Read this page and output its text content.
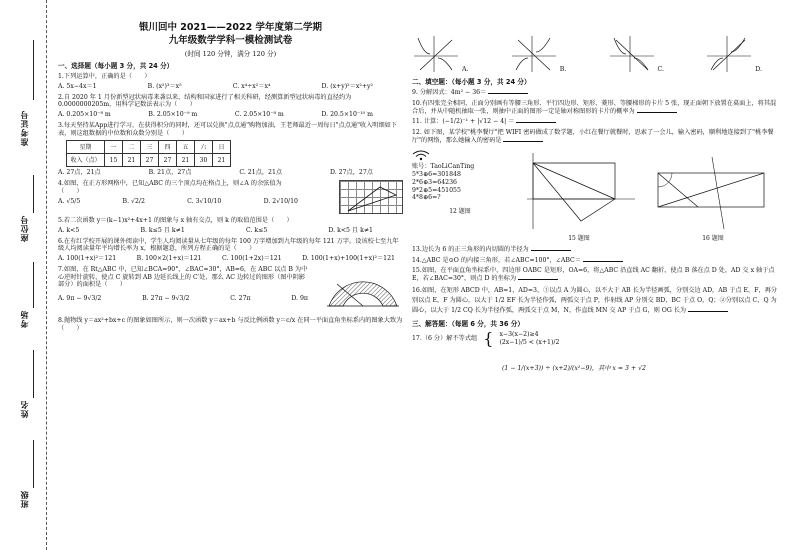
准考证号
座位号
考场
姓名
班级
银川回中 2021——2022 学年度第二学期
九年级数学学科一模检测试卷
(时间 120 分钟，满分 120 分)
一、选择题（每小题 3 分，共 24 分）
1.下列运算中，正确的是（　　）
A. 5x−4x＝1	B. (x²)³＝x⁵	C. x⁴÷x²＝x⁴	D. (x+y)²＝x²+y²
2.自 2020 年 1 月份新型冠状病毒来袭以来，结构和国家进行了相关科研，经测算新型冠状病毒的直径约为 0.0000000205m，用科学记数法表示为（　　）
A. 0.205×10⁻⁸ m	B. 2.05×10⁻⁹ m	C. 2.05×10⁻⁸ m	D. 20.5×10⁻¹⁰ m
3.每天坚持某App进行学习，在获得积分的同时，还可以兑换"点点通"购物加油，王老师最近一周每日"点点通"收入明细如下表，则这组数据的中位数和众数分别是（　　）
星期	一	二	三	四	五	六	日
收入（点）	15	21	27	27	21	30	21
A. 27点，21点	B. 21点，27点	C. 21点，21点	D. 27点，27点
4.如图，在正方形网格中，已知△ABC 的三个顶点均在格点上，则∠A 的余弦值为（　　）
A. √5/5	B. √2/2	C. 3√10/10	D. 2√10/10
5.若二次函数 y＝(k−1)x²+4x+1 的图象与 x 轴有交点，则 k 的取值范围是（　　）
A. k<5	B. k≤5 且 k≠1	C. k≤5	D. k<5 且 k≠1
6.在有红学校开展的课外阅读中，学生人均阅读量从七年级的每年 100 万字增加到九年级的每年 121 万字。设该校七至九年级人均阅读量年平均增长率为 x，根据题意，所列方程正确的是（　　）
A. 100(1+x)²＝121	B. 100×2(1+x)＝121	C. 100(1+2x)＝121	D. 100(1+x)+100(1+x)²＝121
7.如图，在 Rt△ABC 中，已知∠BCA=90°，∠BAC=30°，AB=6，在 ABC 以点 B 为中心逆时针旋转，使点 C 旋转到 AB 边延长线上的 C′处，那么 AC 边转过的图形（图中阴影部分）的面积是（　　）
A. 9π − 9√3/2	B. 27π − 9√3/2	C. 27π	D. 9π
8.抛物线 y＝ax²+bx+c 的图象如图所示，则一次函数 y＝ax+b 与反比例函数 y＝c/x 在同一平面直角坐标系内的图象大致为（　　）
A.	B.	C.	D.
二、填空题：（每小题 3 分，共 24 分）
9. 分解因式：4m² − 36＝
10.有四张完全相同，正面分别画有等腰三角形、平行四边形、矩形、菱形、等腰梯形的卡片 5 张，现正面朝下放置在桌面上，将其混合后，并从中随机抽取一张，则抽中正面的图形一定是轴对称图形的卡片的概率为
11. 计算：(−1/2)⁻¹ + |√12 − 4| ＝
12. 如下图，某学校"桃李餐厅"把 WIFI 密码做成了数学题，小红在餐厅就餐时，思索了一会儿，输入密码，顺利地连接到了"桃李餐厅"的网络，那么她输入的密码是
账号：TaoLiCanTing
5*3⊕6=301848
2*6⊕3=64236
9*2⊕5=451055
4*8⊕6=?
12 题图
15 题图	16 题图
13.边长为 6 的正三角形的内切圆的半径为
14.△ABC 是⊙O 的内接三角形，若∠ABC=100°，∠ABC＝
15.如图，在平面直角坐标系中，四边形 OABC 是矩形，OA=6，将△ABC 沿直线 AC 翻折，使点 B 落在点 D 处，AD 交 x 轴于点 E，若∠BAC=30°，则点 D 的坐标为
16.如图，在矩形 ABCD 中，AB=1，AD=3，①以点 A 为圆心，以不大于 AB 长为半径画弧，分别交边 AD，AB 于点 E，F，再分别以点 E，F 为圆心，以大于 1/2 EF 长为半径作弧，两弧交于点 P，作射线 AP 分别交 BD，BC 于点 O，Q；②分别以点 C，Q 为圆心，以大于 1/2 CQ 长为半径作弧，两弧交于点 M，N，作直线 MN 交 AP 于点 G，则 OG 长为
三、解答题：（每题 6 分，共 36 分）
17.（6 分）解不等式组 { x−3(x−2)≥4
(2x−1)/5 < (x+1)/2
(1 − 1/(x+3)) ÷ (x+2)/(x²−9)，其中 x = 3 + √2
